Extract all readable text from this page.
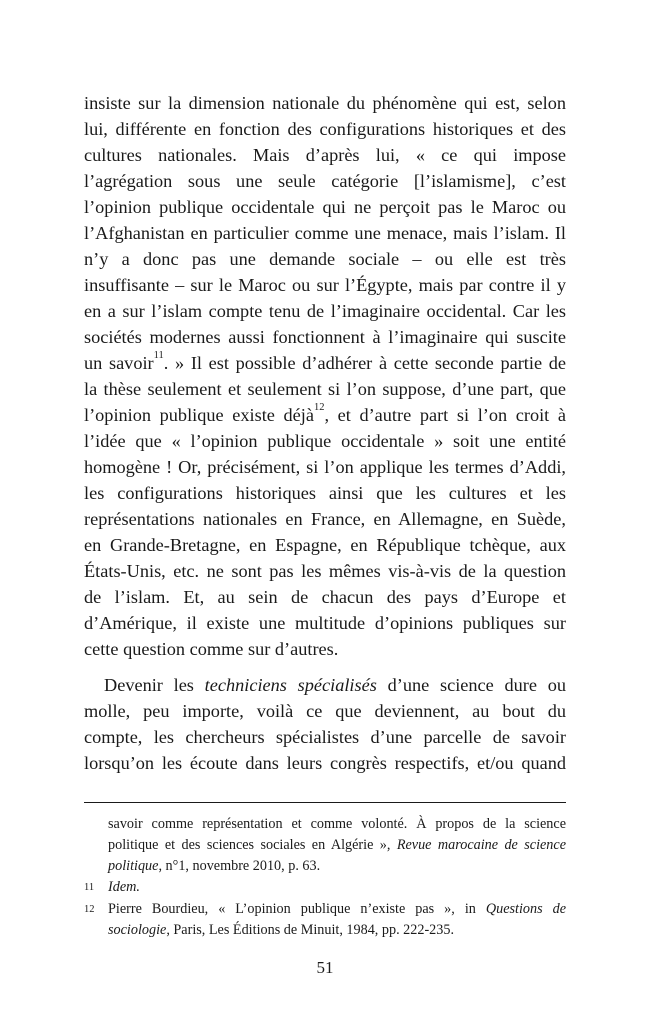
insiste sur la dimension nationale du phénomène qui est, selon
lui, différente en fonction des configurations historiques et des
cultures nationales. Mais d’après lui, « ce qui impose
l’agrégation sous une seule catégorie [l’islamisme], c’est
l’opinion publique occidentale qui ne perçoit pas le Maroc ou
l’Afghanistan en particulier comme une menace, mais l’islam. Il
n’y a donc pas une demande sociale – ou elle est très
insuffisante – sur le Maroc ou sur l’Égypte, mais par contre il y
en a sur l’islam compte tenu de l’imaginaire occidental. Car les
sociétés modernes aussi fonctionnent à l’imaginaire qui suscite
un savoir$^{11}$. » Il est possible d’adhérer à cette seconde partie de
la thèse seulement et seulement si l’on suppose, d’une part, que
l’opinion publique existe déjà$^{12}$, et d’autre part si l’on croit à
l’idée que « l’opinion publique occidentale » soit une entité
homogène ! Or, précisément, si l’on applique les termes d’Addi,
les configurations historiques ainsi que les cultures et les
représentations nationales en France, en Allemagne, en Suède,
en Grande-Bretagne, en Espagne, en République tchèque, aux
États-Unis, etc. ne sont pas les mêmes vis-à-vis de la question
de l’islam. Et, au sein de chacun des pays d’Europe et
d’Amérique, il existe une multitude d’opinions publiques sur
cette question comme sur d’autres.
Devenir les techniciens spécialisés d’une science dure ou
molle, peu importe, voilà ce que deviennent, au bout du
compte, les chercheurs spécialistes d’une parcelle de savoir
lorsqu’on les écoute dans leurs congrès respectifs, et/ou quand
savoir comme représentation et comme volonté. À propos de la science
politique et des sciences sociales en Algérie », Revue marocaine de science
politique, n°1, novembre 2010, p. 63.
11 Idem.
12 Pierre Bourdieu, « L’opinion publique n’existe pas », in Questions de
sociologie, Paris, Les Éditions de Minuit, 1984, pp. 222-235.
51
